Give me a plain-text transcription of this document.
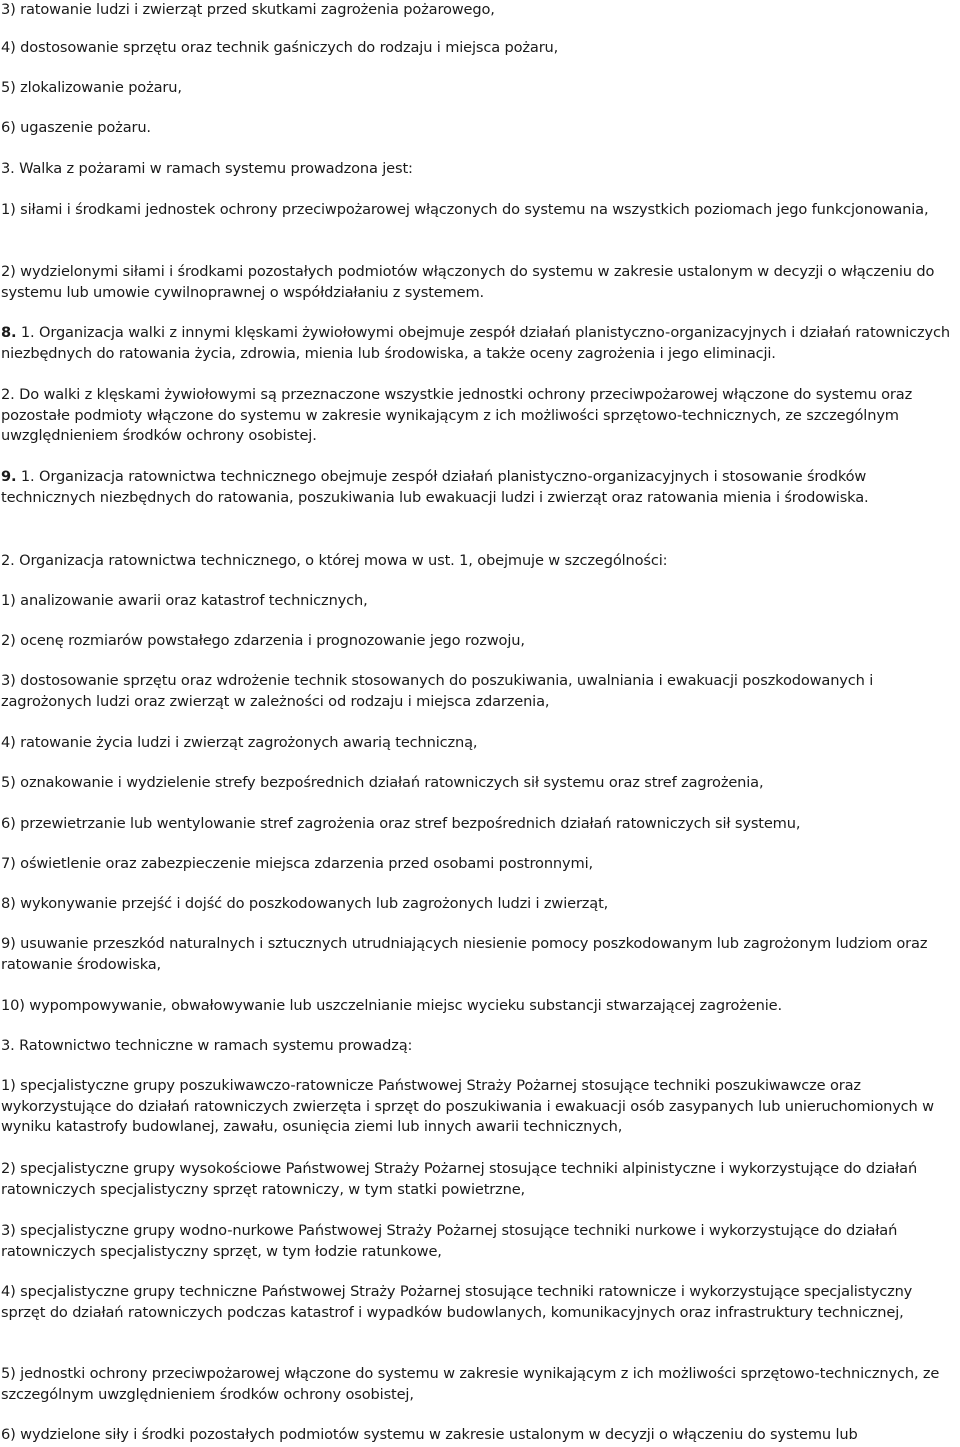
3) ratowanie ludzi i zwierząt przed skutkami zagrożenia pożarowego,

4) dostosowanie sprzętu oraz technik gaśniczych do rodzaju i miejsca pożaru,

5) zlokalizowanie pożaru,

6) ugaszenie pożaru.

3. Walka z pożarami w ramach systemu prowadzona jest:

1) siłami i środkami jednostek ochrony przeciwpożarowej włączonych do systemu na wszystkich poziomach jego funkcjonowania,

2) wydzielonymi siłami i środkami pozostałych podmiotów włączonych do systemu w zakresie ustalonym w decyzji o włączeniu do systemu lub umowie cywilnoprawnej o współdziałaniu z systemem.

8. 1. Organizacja walki z innymi klęskami żywiołowymi obejmuje zespół działań planistyczno-organizacyjnych i działań ratowniczych niezbędnych do ratowania życia, zdrowia, mienia lub środowiska, a także oceny zagrożenia i jego eliminacji.

2. Do walki z klęskami żywiołowymi są przeznaczone wszystkie jednostki ochrony przeciwpożarowej włączone do systemu oraz pozostałe podmioty włączone do systemu w zakresie wynikającym z ich możliwości sprzętowo-technicznych, ze szczególnym uwzględnieniem środków ochrony osobistej.

9. 1. Organizacja ratownictwa technicznego obejmuje zespół działań planistyczno-organizacyjnych i stosowanie środków technicznych niezbędnych do ratowania, poszukiwania lub ewakuacji ludzi i zwierząt oraz ratowania mienia i środowiska.

2. Organizacja ratownictwa technicznego, o której mowa w ust. 1, obejmuje w szczególności:

1) analizowanie awarii oraz katastrof technicznych,

2) ocenę rozmiarów powstałego zdarzenia i prognozowanie jego rozwoju,

3) dostosowanie sprzętu oraz wdrożenie technik stosowanych do poszukiwania, uwalniania i ewakuacji poszkodowanych i zagrożonych ludzi oraz zwierząt w zależności od rodzaju i miejsca zdarzenia,

4) ratowanie życia ludzi i zwierząt zagrożonych awarią techniczną,

5) oznakowanie i wydzielenie strefy bezpośrednich działań ratowniczych sił systemu oraz stref zagrożenia,

6) przewietrzanie lub wentylowanie stref zagrożenia oraz stref bezpośrednich działań ratowniczych sił systemu,

7) oświetlenie oraz zabezpieczenie miejsca zdarzenia przed osobami postronnymi,

8) wykonywanie przejść i dojść do poszkodowanych lub zagrożonych ludzi i zwierząt,

9) usuwanie przeszkód naturalnych i sztucznych utrudniających niesienie pomocy poszkodowanym lub zagrożonym ludziom oraz ratowanie środowiska,

10) wypompowywanie, obwałowywanie lub uszczelnianie miejsc wycieku substancji stwarzającej zagrożenie.

3. Ratownictwo techniczne w ramach systemu prowadzą:

1) specjalistyczne grupy poszukiwawczo-ratownicze Państwowej Straży Pożarnej stosujące techniki poszukiwawcze oraz wykorzystujące do działań ratowniczych zwierzęta i sprzęt do poszukiwania i ewakuacji osób zasypanych lub unieruchomionych w wyniku katastrofy budowlanej, zawału, osunięcia ziemi lub innych awarii technicznych,

2) specjalistyczne grupy wysokościowe Państwowej Straży Pożarnej stosujące techniki alpinistyczne i wykorzystujące do działań ratowniczych specjalistyczny sprzęt ratowniczy, w tym statki powietrzne,

3) specjalistyczne grupy wodno-nurkowe Państwowej Straży Pożarnej stosujące techniki nurkowe i wykorzystujące do działań ratowniczych specjalistyczny sprzęt, w tym łodzie ratunkowe,

4) specjalistyczne grupy techniczne Państwowej Straży Pożarnej stosujące techniki ratownicze i wykorzystujące specjalistyczny sprzęt do działań ratowniczych podczas katastrof i wypadków budowlanych, komunikacyjnych oraz infrastruktury technicznej,

5) jednostki ochrony przeciwpożarowej włączone do systemu w zakresie wynikającym z ich możliwości sprzętowo-technicznych, ze szczególnym uwzględnieniem środków ochrony osobistej,

6) wydzielone siły i środki pozostałych podmiotów systemu w zakresie ustalonym w decyzji o włączeniu do systemu lub
